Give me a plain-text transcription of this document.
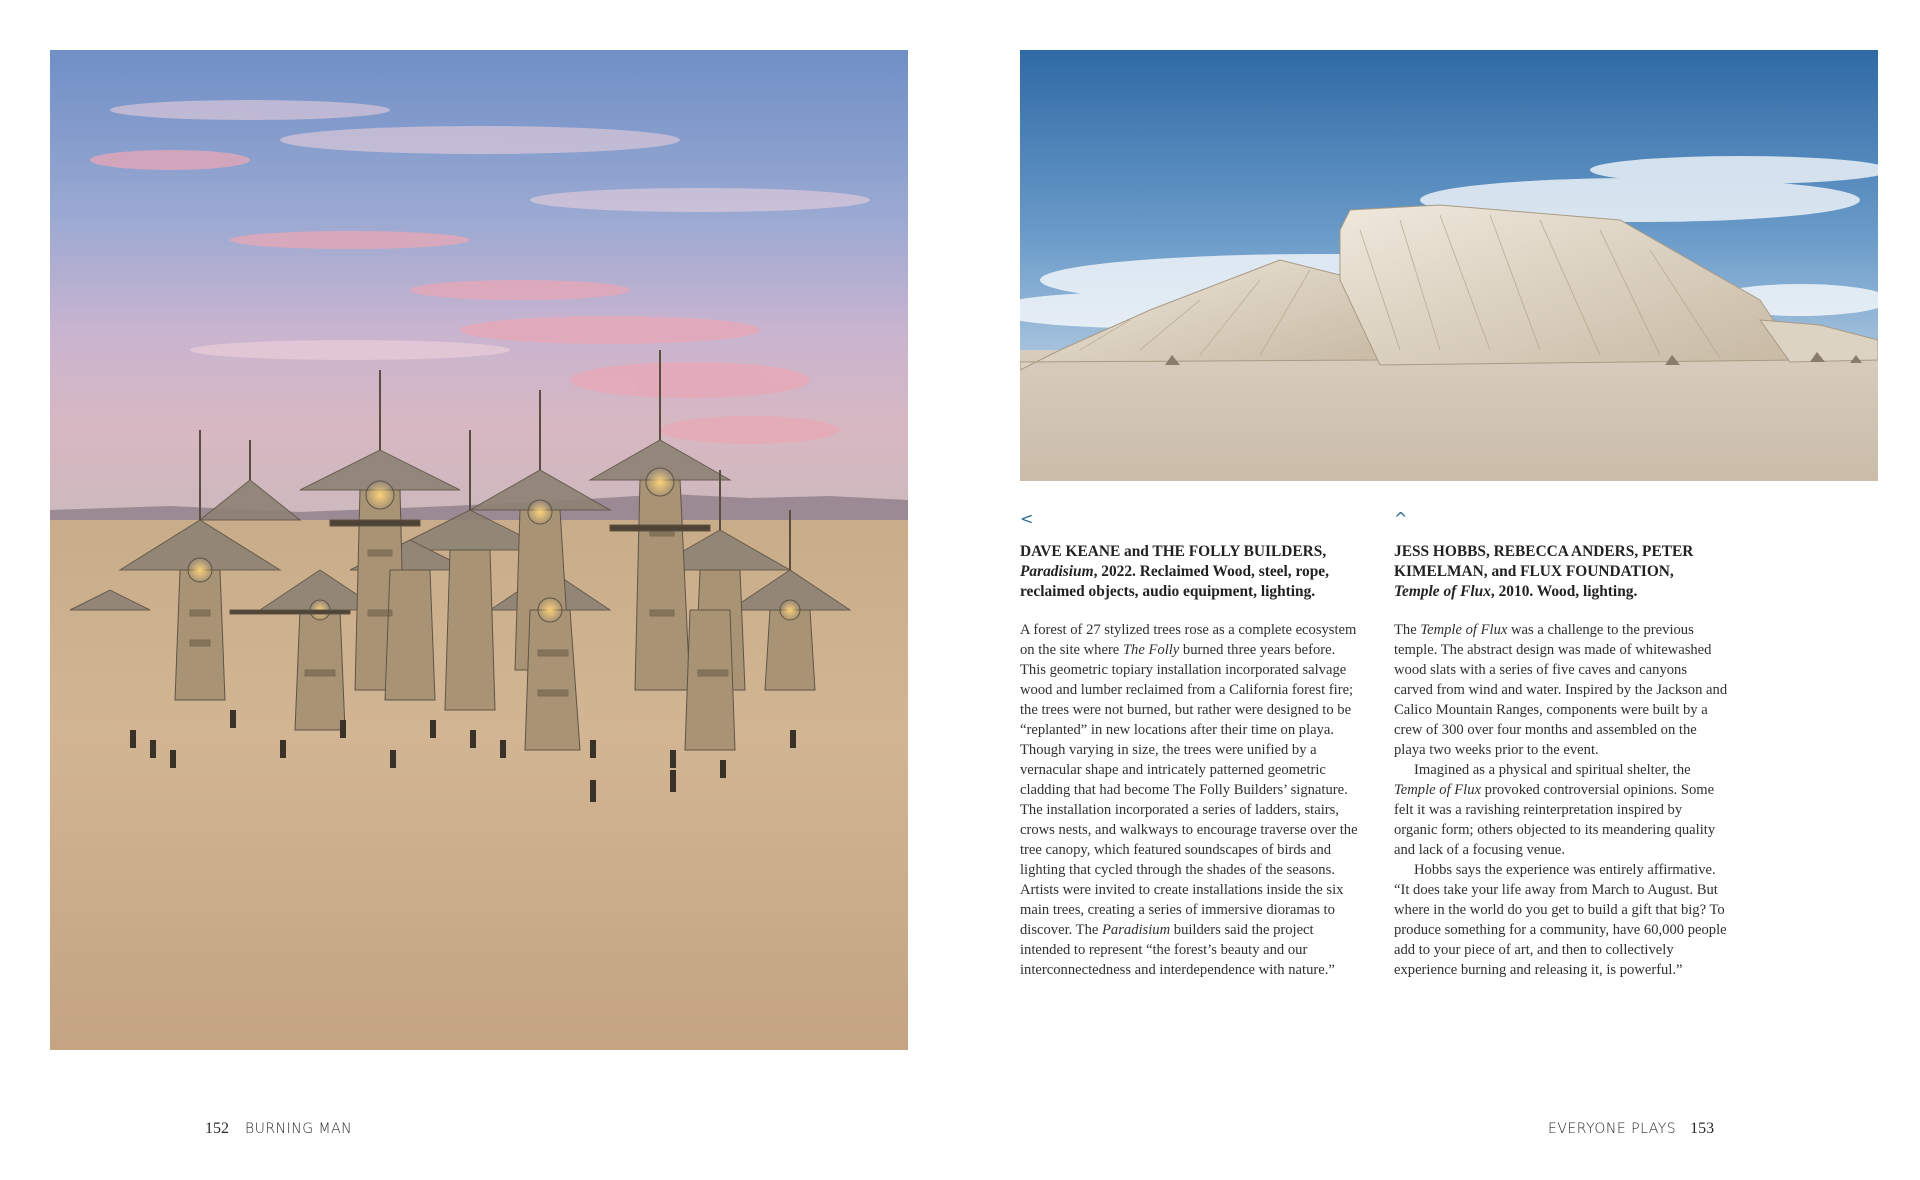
<
DAVE KEANE and THE FOLLY BUILDERS,
Paradisium, 2022. Reclaimed Wood, steel, rope, reclaimed objects, audio equipment, lighting.

A forest of 27 stylized trees rose as a complete ecosystem on the site where The Folly burned three years before. This geometric topiary installation incorporated salvage wood and lumber reclaimed from a California forest fire; the trees were not burned, but rather were designed to be “replanted” in new locations after their time on playa. Though varying in size, the trees were unified by a vernacular shape and intricately patterned geometric cladding that had become The Folly Builders’ signature. The installation incorporated a series of ladders, stairs, crows nests, and walkways to encourage traverse over the tree canopy, which featured soundscapes of birds and lighting that cycled through the shades of the seasons. Artists were invited to create installations inside the six main trees, creating a series of immersive dioramas to discover. The Paradisium builders said the project intended to represent “the forest’s beauty and our interconnectedness and interdependence with nature.”

^
JESS HOBBS, REBECCA ANDERS, PETER KIMELMAN, and FLUX FOUNDATION,
Temple of Flux, 2010. Wood, lighting.

The Temple of Flux was a challenge to the previous temple. The abstract design was made of whitewashed wood slats with a series of five caves and canyons carved from wind and water. Inspired by the Jackson and Calico Mountain Ranges, components were built by a crew of 300 over four months and assembled on the playa two weeks prior to the event.

Imagined as a physical and spiritual shelter, the Temple of Flux provoked controversial opinions. Some felt it was a ravishing reinterpretation inspired by organic form; others objected to its meandering quality and lack of a focusing venue.

Hobbs says the experience was entirely affirmative. “It does take your life away from March to August. But where in the world do you get to build a gift that big? To produce something for a community, have 60,000 people add to your piece of art, and then to collectively experience burning and releasing it, is powerful.”

152 BURNING MAN	EVERYONE PLAYS 153
